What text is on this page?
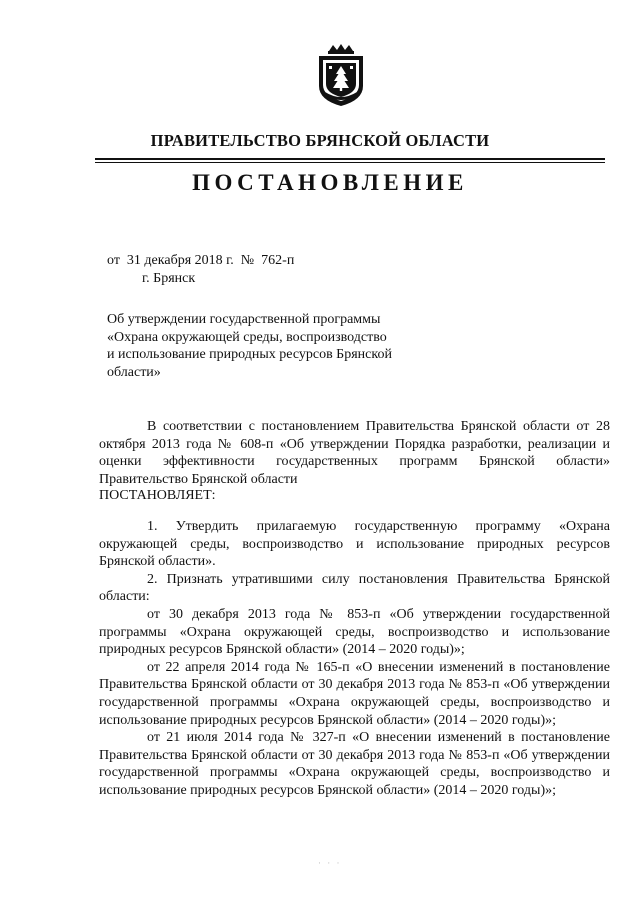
ПРАВИТЕЛЬСТВО БРЯНСКОЙ ОБЛАСТИ
ПОСТАНОВЛЕНИЕ
от  31 декабря 2018 г.  №  762-п
г. Брянск
Об утверждении государственной программы
«Охрана окружающей среды, воспроизводство
и использование природных ресурсов Брянской
области»

В соответствии с постановлением Правительства Брянской области от 28 октября 2013 года № 608-п «Об утверждении Порядка разработки, реализации и оценки эффективности государственных программ Брянской области» Правительство Брянской области

ПОСТАНОВЛЯЕТ:

1. Утвердить прилагаемую государственную программу «Охрана окружающей среды, воспроизводство и использование природных ресурсов Брянской области».

2. Признать утратившими силу постановления Правительства Брянской области:

от 30 декабря 2013 года № 853-п «Об утверждении государственной программы «Охрана окружающей среды, воспроизводство и использование природных ресурсов Брянской области» (2014 – 2020 годы)»;

от 22 апреля 2014 года № 165-п «О внесении изменений в постановление Правительства Брянской области от 30 декабря 2013 года № 853-п «Об утверждении государственной программы «Охрана окружающей среды, воспроизводство и использование природных ресурсов Брянской области» (2014 – 2020 годы)»;

от 21 июля 2014 года № 327-п «О внесении изменений в постановление Правительства Брянской области от 30 декабря 2013 года № 853-п «Об утверждении государственной программы «Охрана окружающей среды, воспроизводство и использование природных ресурсов Брянской области» (2014 – 2020 годы)»;

· · ·
